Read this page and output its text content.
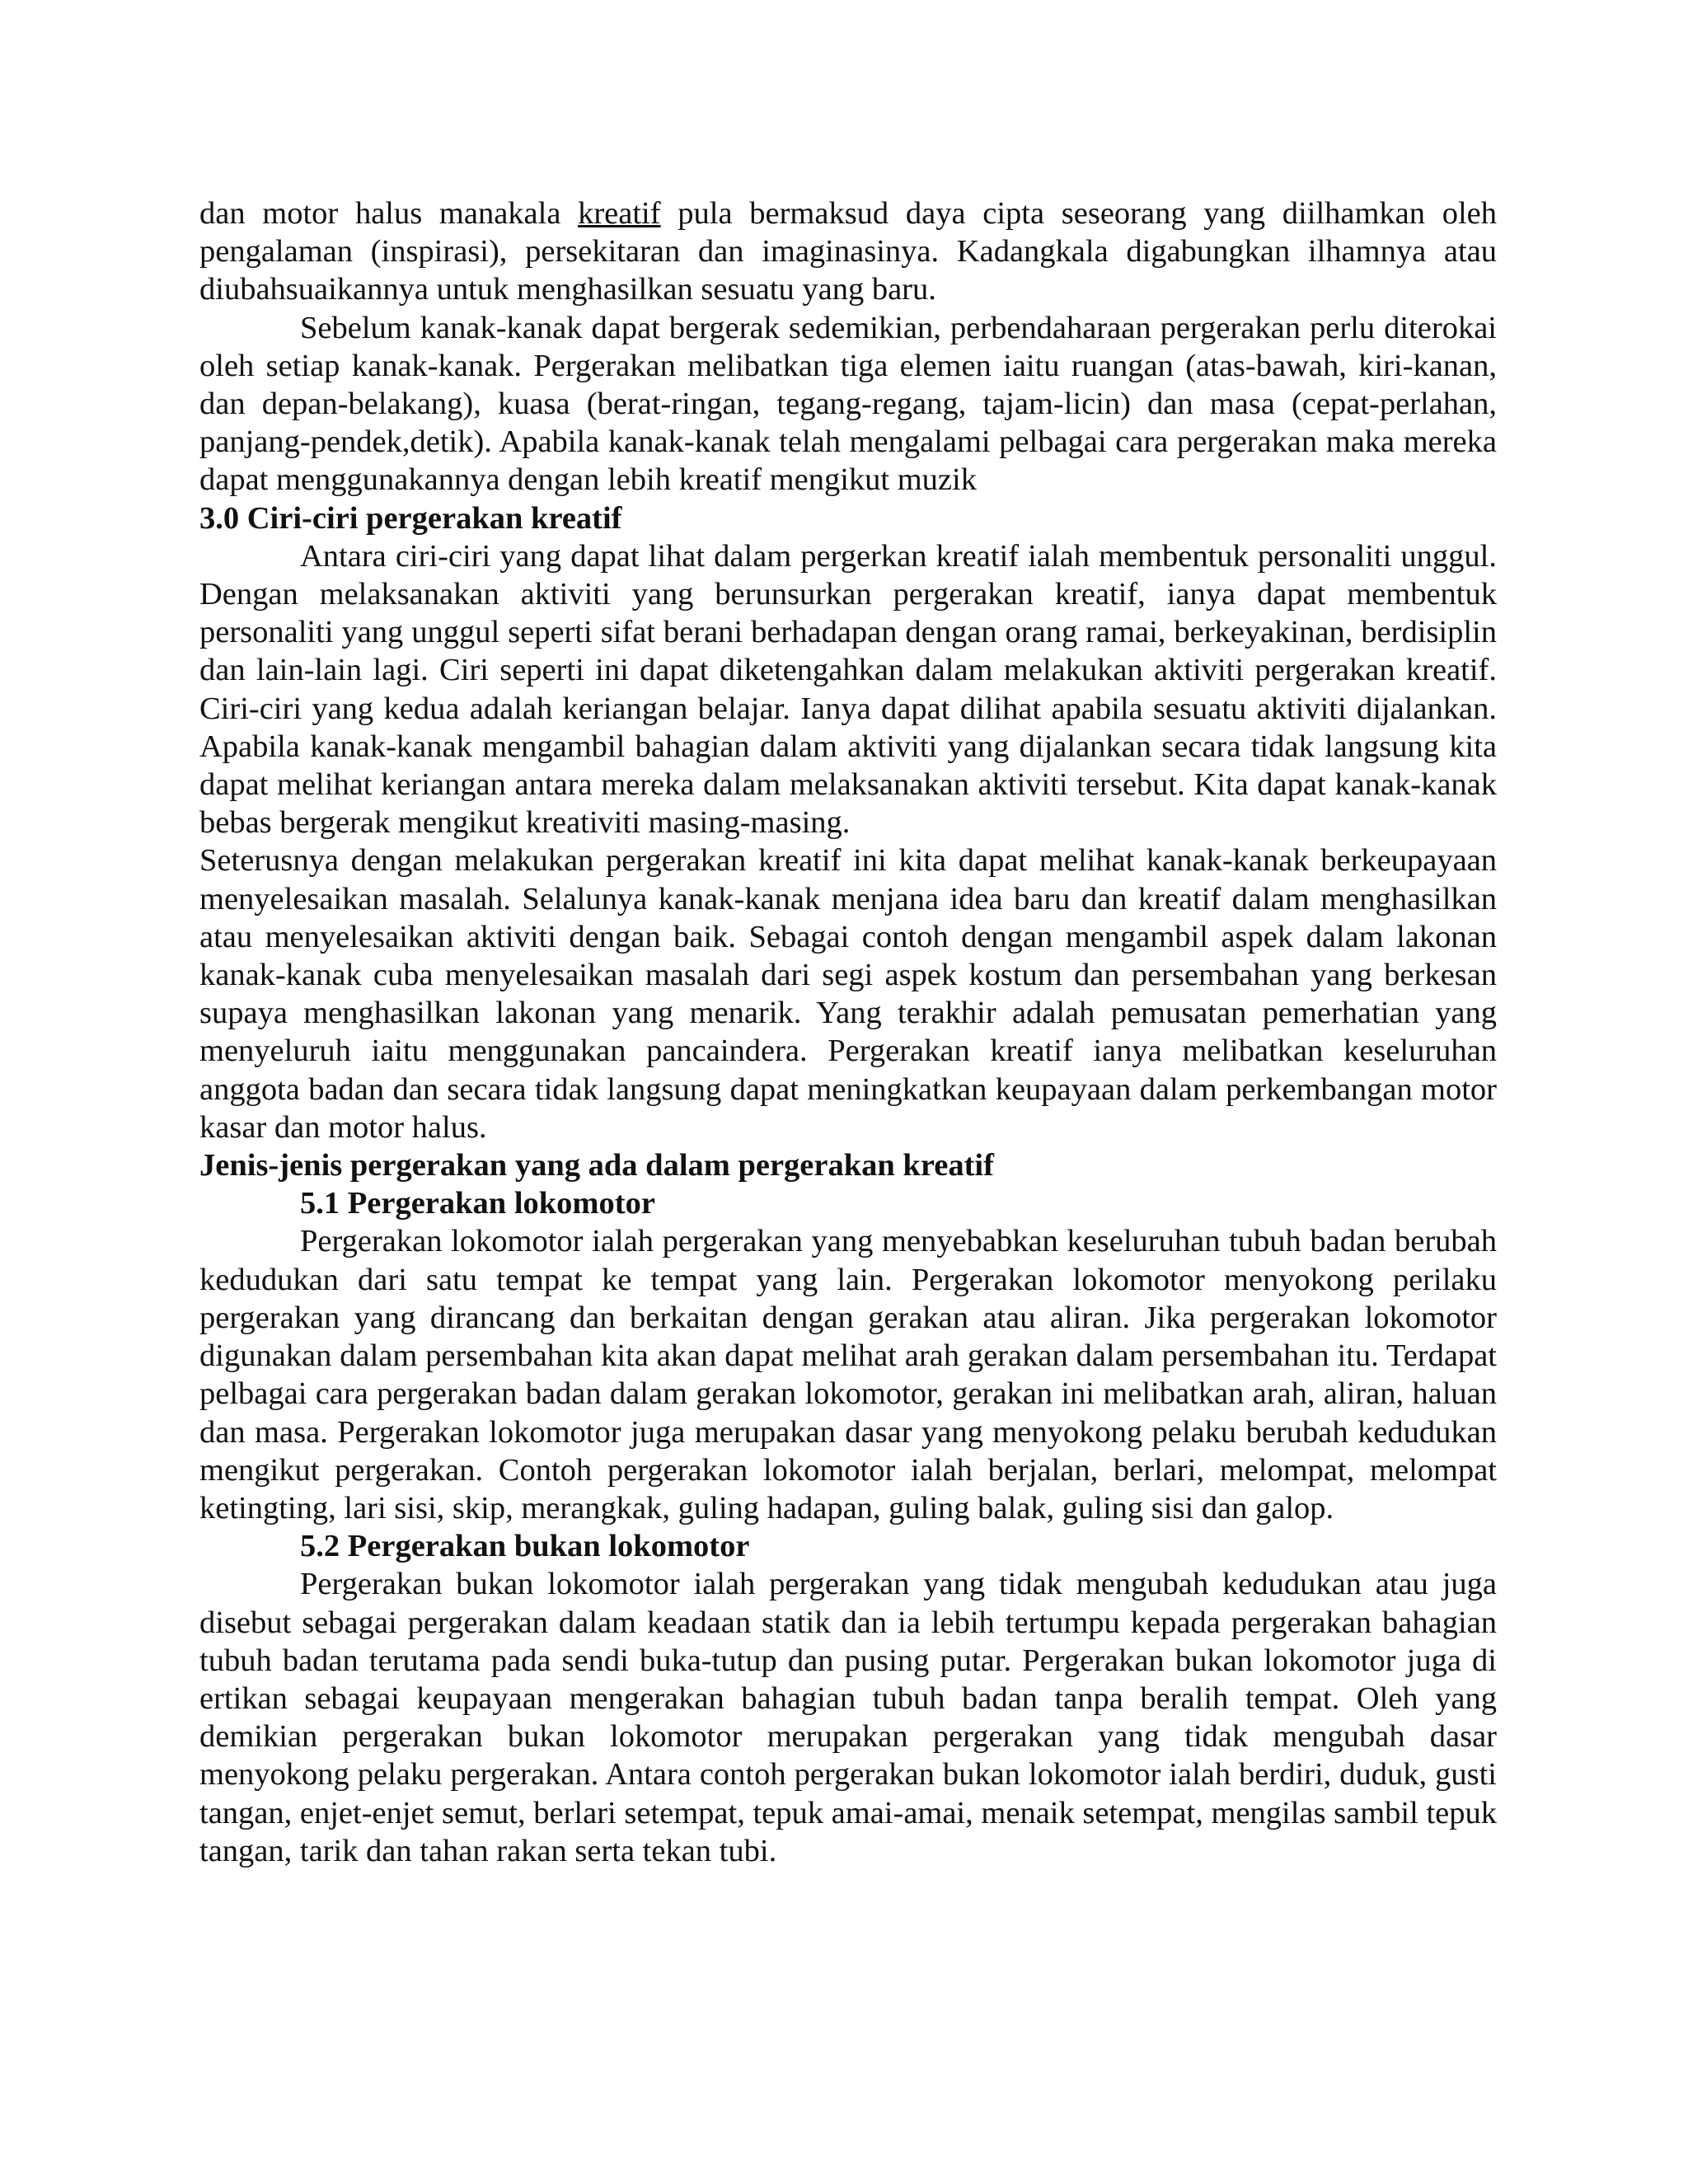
dan motor halus manakala kreatif pula bermaksud daya cipta seseorang yang diilhamkan oleh pengalaman (inspirasi), persekitaran dan imaginasinya. Kadangkala digabungkan ilhamnya atau diubahsuaikannya untuk menghasilkan sesuatu yang baru.

Sebelum kanak-kanak dapat bergerak sedemikian, perbendaharaan pergerakan perlu diterokai oleh setiap kanak-kanak. Pergerakan melibatkan tiga elemen iaitu ruangan (atas-bawah, kiri-kanan, dan depan-belakang), kuasa (berat-ringan, tegang-regang, tajam-licin) dan masa (cepat-perlahan, panjang-pendek,detik). Apabila kanak-kanak telah mengalami pelbagai cara pergerakan maka mereka dapat menggunakannya dengan lebih kreatif mengikut muzik

3.0 Ciri-ciri pergerakan kreatif

Antara ciri-ciri yang dapat lihat dalam pergerkan kreatif ialah membentuk personaliti unggul. Dengan melaksanakan aktiviti yang berunsurkan pergerakan kreatif, ianya dapat membentuk personaliti yang unggul seperti sifat berani berhadapan dengan orang ramai, berkeyakinan, berdisiplin dan lain-lain lagi. Ciri seperti ini dapat diketengahkan dalam melakukan aktiviti pergerakan kreatif. Ciri-ciri yang kedua adalah keriangan belajar. Ianya dapat dilihat apabila sesuatu aktiviti dijalankan. Apabila kanak-kanak mengambil bahagian dalam aktiviti yang dijalankan secara tidak langsung kita dapat melihat keriangan antara mereka dalam melaksanakan aktiviti tersebut. Kita dapat kanak-kanak bebas bergerak mengikut kreativiti masing-masing.

Seterusnya dengan melakukan pergerakan kreatif ini kita dapat melihat kanak-kanak berkeupayaan menyelesaikan masalah. Selalunya kanak-kanak menjana idea baru dan kreatif dalam menghasilkan atau menyelesaikan aktiviti dengan baik. Sebagai contoh dengan mengambil aspek dalam lakonan kanak-kanak cuba menyelesaikan masalah dari segi aspek kostum dan persembahan yang berkesan supaya menghasilkan lakonan yang menarik. Yang terakhir adalah pemusatan pemerhatian yang menyeluruh iaitu menggunakan pancaindera. Pergerakan kreatif ianya melibatkan keseluruhan anggota badan dan secara tidak langsung dapat meningkatkan keupayaan dalam perkembangan motor kasar dan motor halus.

Jenis-jenis pergerakan yang ada dalam pergerakan kreatif

5.1 Pergerakan lokomotor

Pergerakan lokomotor ialah pergerakan yang menyebabkan keseluruhan tubuh badan berubah kedudukan dari satu tempat ke tempat yang lain. Pergerakan lokomotor menyokong perilaku pergerakan yang dirancang dan berkaitan dengan gerakan atau aliran. Jika pergerakan lokomotor digunakan dalam persembahan kita akan dapat melihat arah gerakan dalam persembahan itu. Terdapat pelbagai cara pergerakan badan dalam gerakan lokomotor, gerakan ini melibatkan arah, aliran, haluan dan masa. Pergerakan lokomotor juga merupakan dasar yang menyokong pelaku berubah kedudukan mengikut pergerakan. Contoh pergerakan lokomotor ialah berjalan, berlari, melompat, melompat ketingting, lari sisi, skip, merangkak, guling hadapan, guling balak, guling sisi dan galop.

5.2 Pergerakan bukan lokomotor

Pergerakan bukan lokomotor ialah pergerakan yang tidak mengubah kedudukan atau juga disebut sebagai pergerakan dalam keadaan statik dan ia lebih tertumpu kepada pergerakan bahagian tubuh badan terutama pada sendi buka-tutup dan pusing putar. Pergerakan bukan lokomotor juga di ertikan sebagai keupayaan mengerakan bahagian tubuh badan tanpa beralih tempat. Oleh yang demikian pergerakan bukan lokomotor merupakan pergerakan yang tidak mengubah dasar menyokong pelaku pergerakan. Antara contoh pergerakan bukan lokomotor ialah berdiri, duduk, gusti tangan, enjet-enjet semut, berlari setempat, tepuk amai-amai, menaik setempat, mengilas sambil tepuk tangan, tarik dan tahan rakan serta tekan tubi.
